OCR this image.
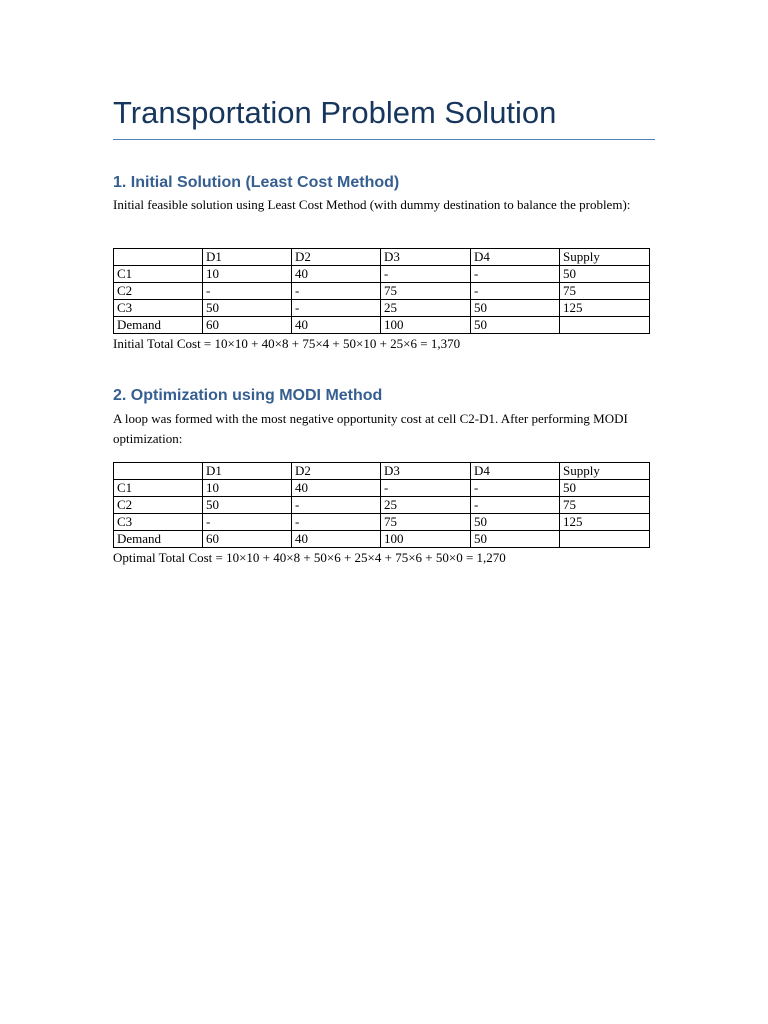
Transportation Problem Solution
1. Initial Solution (Least Cost Method)

Initial feasible solution using Least Cost Method (with dummy destination to balance the problem):

	D1	D2	D3	D4	Supply
C1	10	40	-	-	50
C2	-	-	75	-	75
C3	50	-	25	50	125
Demand	60	40	100	50	

Initial Total Cost = 10×10 + 40×8 + 75×4 + 50×10 + 25×6 = 1,370

2. Optimization using MODI Method

A loop was formed with the most negative opportunity cost at cell C2-D1. After performing MODI optimization:

	D1	D2	D3	D4	Supply
C1	10	40	-	-	50
C2	50	-	25	-	75
C3	-	-	75	50	125
Demand	60	40	100	50	

Optimal Total Cost = 10×10 + 40×8 + 50×6 + 25×4 + 75×6 + 50×0 = 1,270
